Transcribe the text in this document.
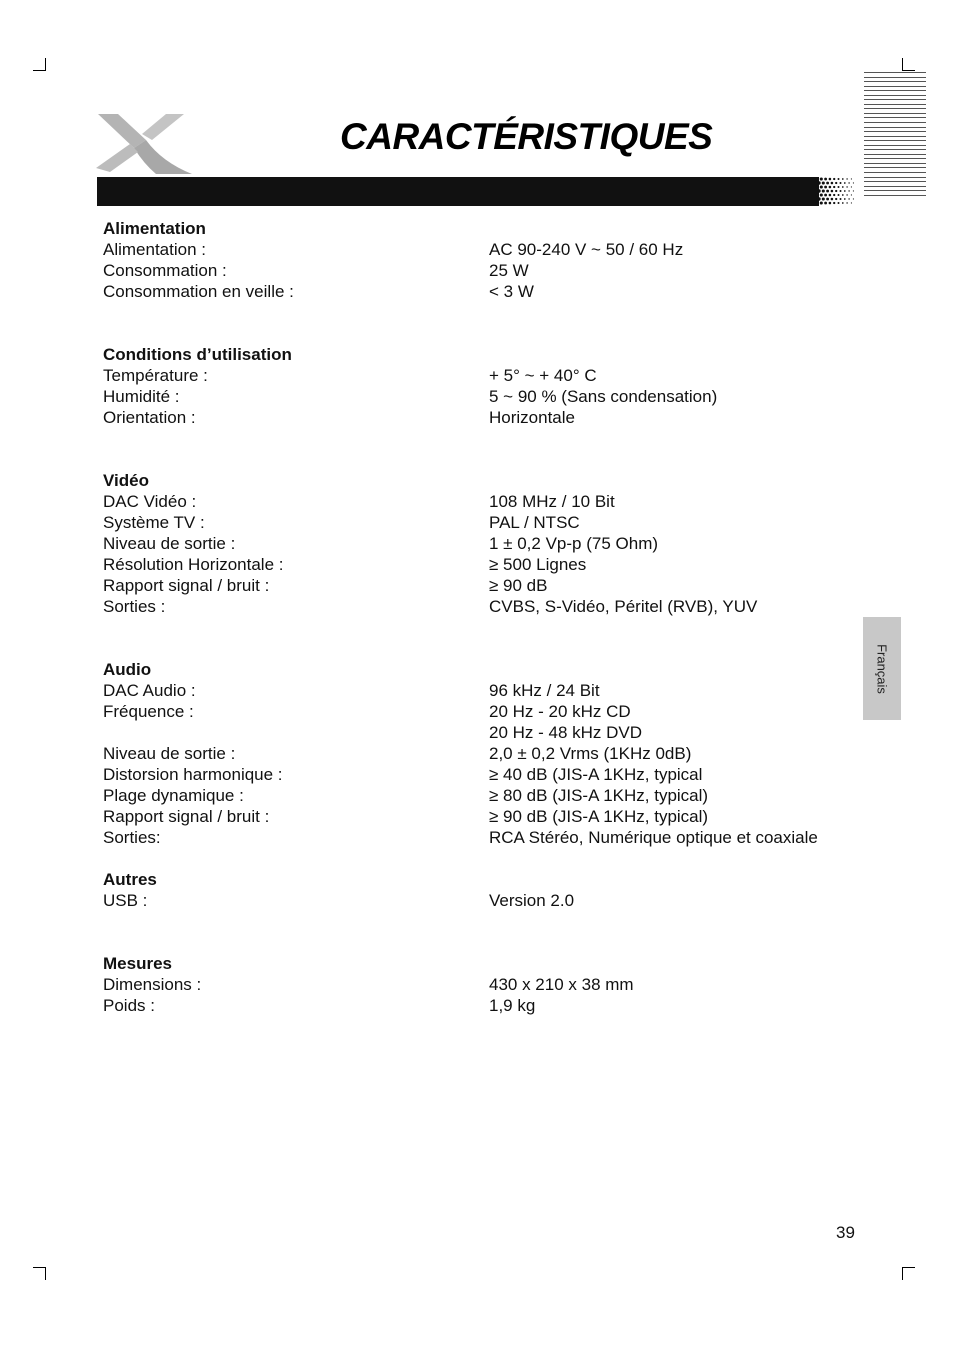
CARACTÉRISTIQUES
Français
Alimentation
Alimentation :	AC 90-240 V ~ 50 / 60 Hz
Consommation :	25 W
Consommation en veille :	< 3 W
Conditions d’utilisation
Température :	+ 5° ~ + 40° C
Humidité :	5 ~ 90 % (Sans condensation)
Orientation :	Horizontale
Vidéo
DAC Vidéo :	108 MHz / 10 Bit
Système TV :	PAL / NTSC
Niveau de sortie :	1 ± 0,2 Vp-p (75 Ohm)
Résolution Horizontale :	≥ 500 Lignes
Rapport signal / bruit :	≥ 90 dB
Sorties :	CVBS, S-Vidéo, Péritel (RVB), YUV
Audio
DAC Audio :	96 kHz / 24 Bit
Fréquence :	20 Hz - 20 kHz CD
20 Hz - 48 kHz DVD
Niveau de sortie :	2,0 ± 0,2 Vrms (1KHz 0dB)
Distorsion harmonique :	≥ 40 dB (JIS-A 1KHz, typical
Plage dynamique :	≥ 80 dB (JIS-A 1KHz, typical)
Rapport signal / bruit :	≥ 90 dB (JIS-A 1KHz, typical)
Sorties:	RCA Stéréo, Numérique optique et coaxiale
Autres
USB :	Version 2.0
Mesures
Dimensions :	430 x 210 x 38 mm
Poids :	1,9 kg
39
